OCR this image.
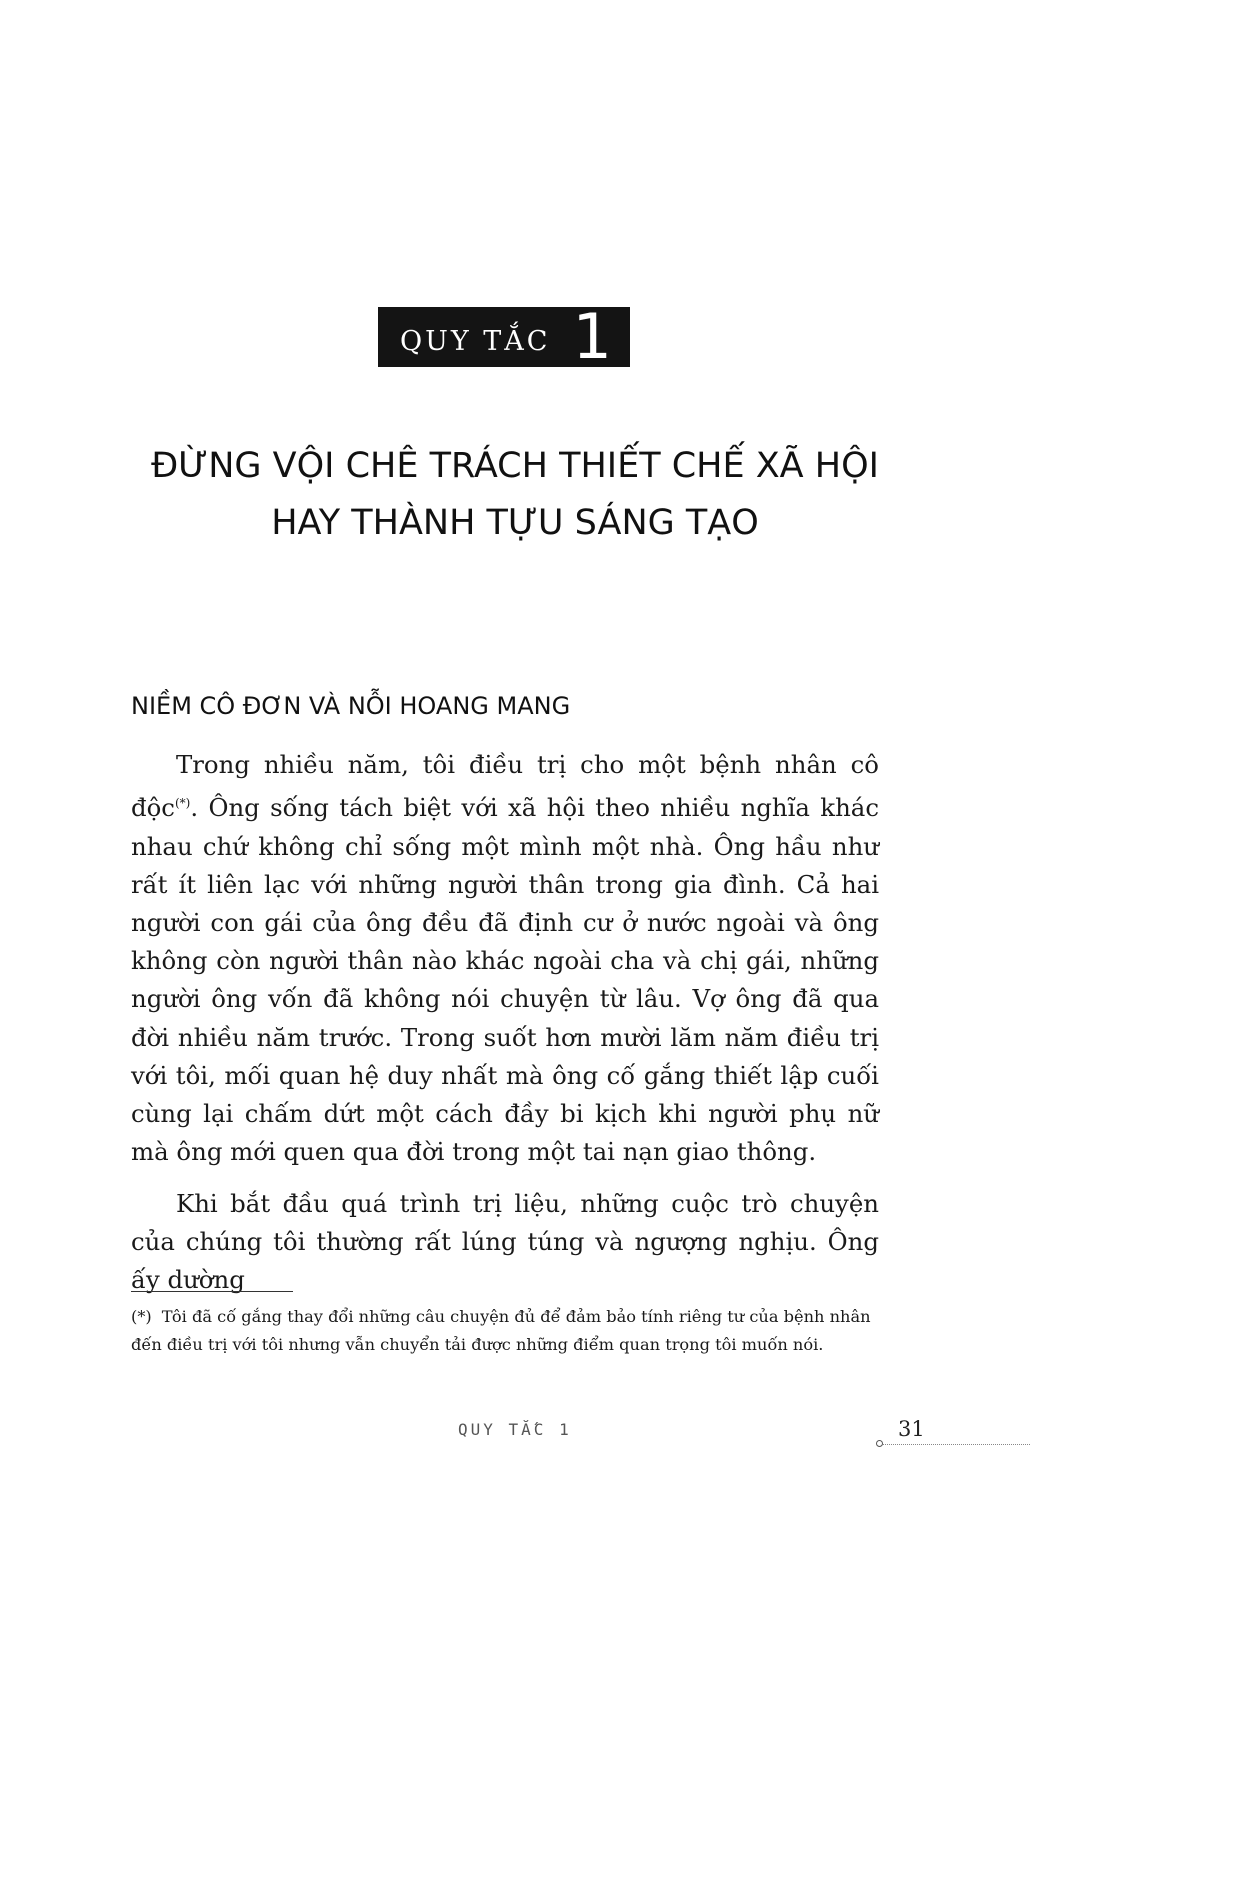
QUY TẮC 1
ĐỪNG VỘI CHÊ TRÁCH THIẾT CHẾ XÃ HỘI
HAY THÀNH TỰU SÁNG TẠO
NIỀM CÔ ĐƠN VÀ NỖI HOANG MANG

Trong nhiều năm, tôi điều trị cho một bệnh nhân cô độc(*). Ông sống tách biệt với xã hội theo nhiều nghĩa khác nhau chứ không chỉ sống một mình một nhà. Ông hầu như rất ít liên lạc với những người thân trong gia đình. Cả hai người con gái của ông đều đã định cư ở nước ngoài và ông không còn người thân nào khác ngoài cha và chị gái, những người ông vốn đã không nói chuyện từ lâu. Vợ ông đã qua đời nhiều năm trước. Trong suốt hơn mười lăm năm điều trị với tôi, mối quan hệ duy nhất mà ông cố gắng thiết lập cuối cùng lại chấm dứt một cách đầy bi kịch khi người phụ nữ mà ông mới quen qua đời trong một tai nạn giao thông.

Khi bắt đầu quá trình trị liệu, những cuộc trò chuyện của chúng tôi thường rất lúng túng và ngượng nghịu. Ông ấy dường

(*) Tôi đã cố gắng thay đổi những câu chuyện đủ để đảm bảo tính riêng tư của bệnh nhân đến điều trị với tôi nhưng vẫn chuyển tải được những điểm quan trọng tôi muốn nói.
QUY TẮC 1	31
